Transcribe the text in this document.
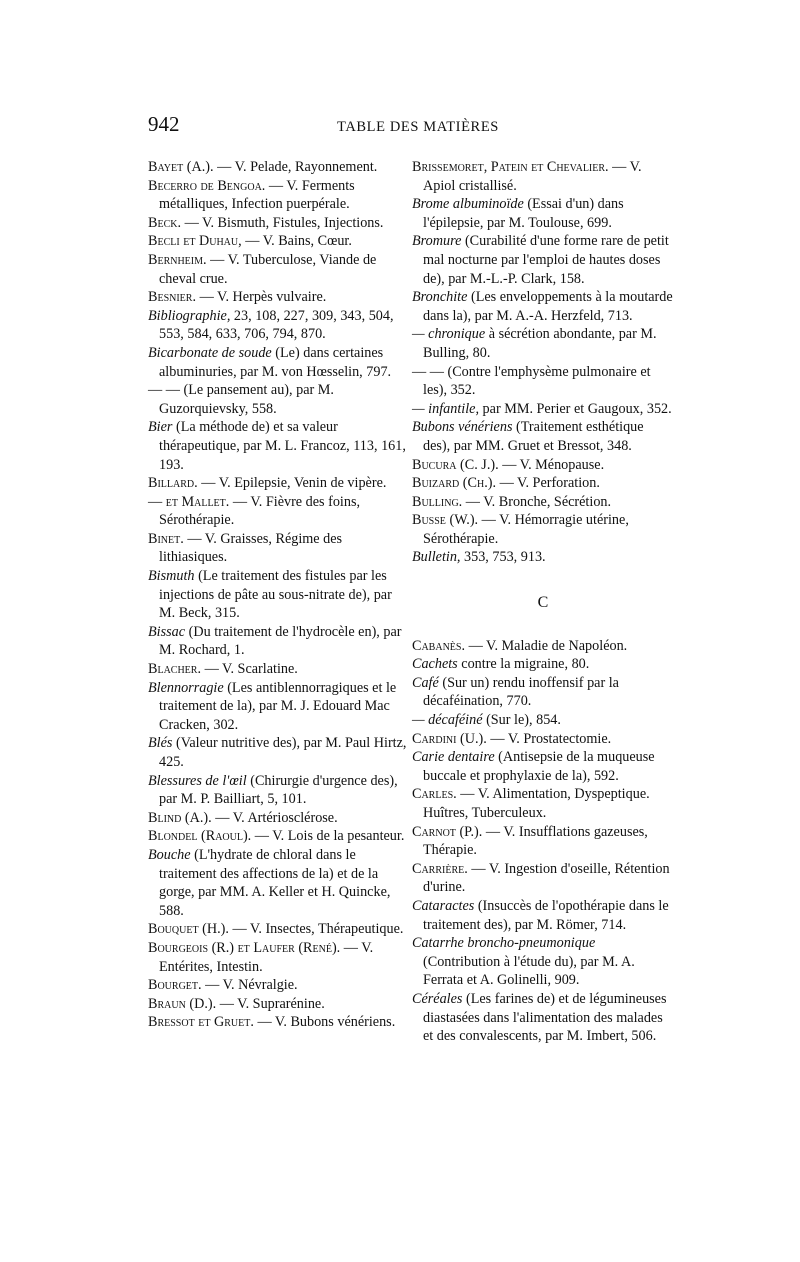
942	TABLE DES MATIÈRES

Bayet (A.). — V. Pelade, Rayonnement.

Becerro de Bengoa. — V. Ferments métalliques, Infection puerpérale.

Beck. — V. Bismuth, Fistules, Injections.

Becli et Duhau, — V. Bains, Cœur.

Bernheim. — V. Tuberculose, Viande de cheval crue.

Besnier. — V. Herpès vulvaire.

Bibliographie, 23, 108, 227, 309, 343, 504, 553, 584, 633, 706, 794, 870.

Bicarbonate de soude (Le) dans certaines albuminuries, par M. von Hœsselin, 797.

— — (Le pansement au), par M. Guzorquievsky, 558.

Bier (La méthode de) et sa valeur thérapeutique, par M. L. Francoz, 113, 161, 193.

Billard. — V. Epilepsie, Venin de vipère.

— et Mallet. — V. Fièvre des foins, Sérothérapie.

Binet. — V. Graisses, Régime des lithiasiques.

Bismuth (Le traitement des fistules par les injections de pâte au sous-nitrate de), par M. Beck, 315.

Bissac (Du traitement de l'hydrocèle en), par M. Rochard, 1.

Blacher. — V. Scarlatine.

Blennorragie (Les antiblennorragiques et le traitement de la), par M. J. Edouard Mac Cracken, 302.

Blés (Valeur nutritive des), par M. Paul Hirtz, 425.

Blessures de l'œil (Chirurgie d'urgence des), par M. P. Bailliart, 5, 101.

Blind (A.). — V. Artériosclérose.

Blondel (Raoul). — V. Lois de la pesanteur.

Bouche (L'hydrate de chloral dans le traitement des affections de la) et de la gorge, par MM. A. Keller et H. Quincke, 588.

Bouquet (H.). — V. Insectes, Thérapeutique.

Bourgeois (R.) et Laufer (René). — V. Entérites, Intestin.

Bourget. — V. Névralgie.

Braun (D.). — V. Suprarénine.

Bressot et Gruet. — V. Bubons vénériens.

Brissemoret, Patein et Chevalier. — V. Apiol cristallisé.

Brome albuminoïde (Essai d'un) dans l'épilepsie, par M. Toulouse, 699.

Bromure (Curabilité d'une forme rare de petit mal nocturne par l'emploi de hautes doses de), par M.-L.-P. Clark, 158.

Bronchite (Les enveloppements à la moutarde dans la), par M. A.-A. Herzfeld, 713.

— chronique à sécrétion abondante, par M. Bulling, 80.

— — (Contre l'emphysème pulmonaire et les), 352.

— infantile, par MM. Perier et Gaugoux, 352.

Bubons vénériens (Traitement esthétique des), par MM. Gruet et Bressot, 348.

Bucura (C. J.). — V. Ménopause.

Buizard (Ch.). — V. Perforation.

Bulling. — V. Bronche, Sécrétion.

Busse (W.). — V. Hémorragie utérine, Sérothérapie.

Bulletin, 353, 753, 913.

C

Cabanès. — V. Maladie de Napoléon.

Cachets contre la migraine, 80.

Café (Sur un) rendu inoffensif par la décaféination, 770.

— décaféiné (Sur le), 854.

Cardini (U.). — V. Prostatectomie.

Carie dentaire (Antisepsie de la muqueuse buccale et prophylaxie de la), 592.

Carles. — V. Alimentation, Dyspeptique. Huîtres, Tuberculeux.

Carnot (P.). — V. Insufflations gazeuses, Thérapie.

Carrière. — V. Ingestion d'oseille, Rétention d'urine.

Cataractes (Insuccès de l'opothérapie dans le traitement des), par M. Römer, 714.

Catarrhe broncho-pneumonique (Contribution à l'étude du), par M. A. Ferrata et A. Golinelli, 909.

Céréales (Les farines de) et de légumineuses diastasées dans l'alimentation des malades et des convalescents, par M. Imbert, 506.
